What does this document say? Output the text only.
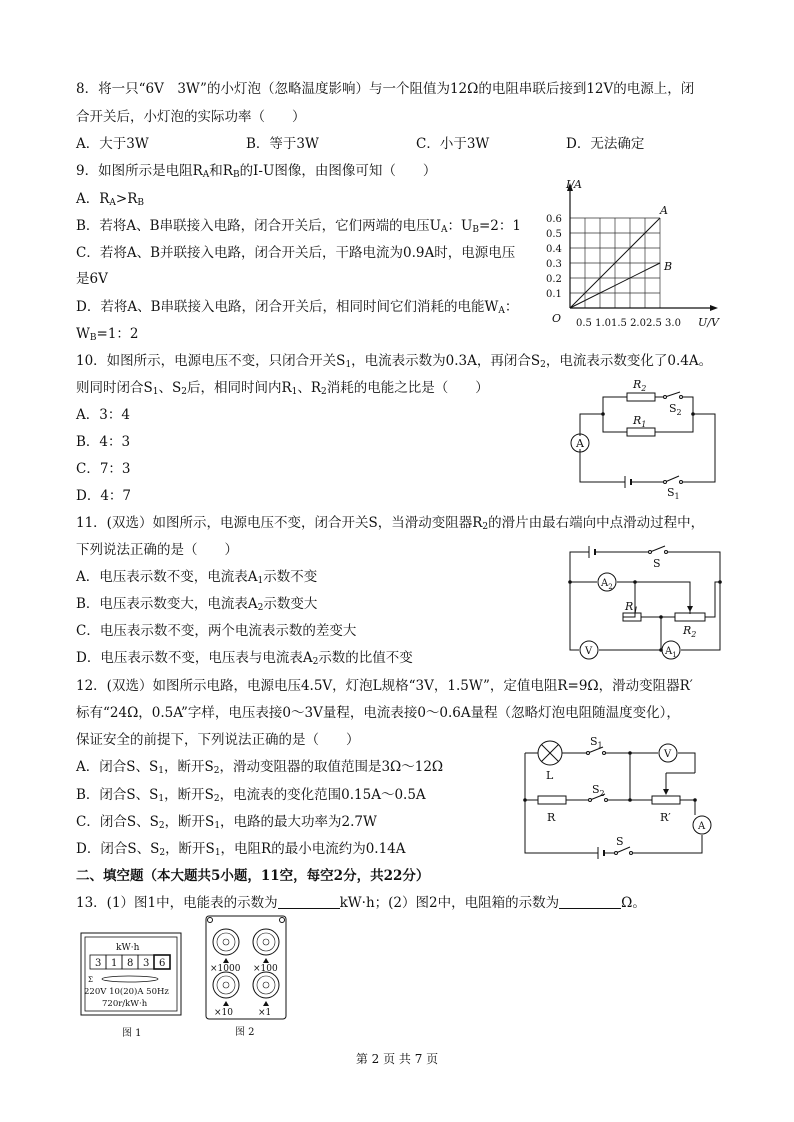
8．将一只“6V　3W”的小灯泡（忽略温度影响）与一个阻值为12Ω的电阻串联后接到12V的电源上，闭
合开关后，小灯泡的实际功率（　　）
A．大于3W	B．等于3W	C．小于3W	D．无法确定
9．如图所示是电阻$R_A$和$R_B$的I-U图像，由图像可知（　　）
A．$R_A>R_B$
B．若将A、B串联接入电路，闭合开关后，它们两端的电压$U_A$：$U_B=2$：1
C．若将A、B并联接入电路，闭合开关后，干路电流为0.9A时，电源电压
是6V
D．若将A、B串联接入电路，闭合开关后，相同时间它们消耗的电能$W_A$：
$W_B=1$：2
A
B
I/A
U/V
O
0.1
0.2
0.3
0.4
0.5
0.6
0.5 1.01.5 2.02.5 3.0
10．如图所示，电源电压不变，只闭合开关$S_1$，电流表示数为0.3A，再闭合$S_2$，电流表示数变化了0.4A。
则同时闭合$S_1$、$S_2$后，相同时间内$R_1$、$R_2$消耗的电能之比是（　　）
A．3：4
B．4：3
C．7：3
D．4：7
A
$R_2$
$R_1$
$S_2$
$S_1$
11．(双选）如图所示，电源电压不变，闭合开关S，当滑动变阻器$R_2$的滑片由最右端向中点滑动过程中，
下列说法正确的是（　　）
A．电压表示数不变，电流表$A_1$示数不变
B．电压表示数变大，电流表$A_2$示数变大
C．电压表示数不变，两个电流表示数的差变大
D．电压表示数不变，电压表与电流表$A_2$示数的比值不变
S
$A_2$
$R_1$
$R_2$
V	$A_1$
12．(双选）如图所示电路，电源电压4.5V，灯泡L规格“3V，1.5W”，定值电阻R=9Ω，滑动变阻器R′
标有“24Ω，0.5A”字样，电压表接0～3V量程，电流表接0～0.6A量程（忽略灯泡电阻随温度变化），
保证安全的前提下，下列说法正确的是（　　）
A．闭合S、$S_1$，断开$S_2$，滑动变阻器的取值范围是3Ω～12Ω
B．闭合S、$S_1$，断开$S_2$，电流表的变化范围0.15A～0.5A
C．闭合S、$S_2$，断开$S_1$，电路的最大功率为2.7W
D．闭合S、$S_2$，断开$S_1$，电阻R的最小电流约为0.14A
$S_1$
L
V
$S_2$
R	R′
A
S
二、填空题（本大题共5小题，11空，每空2分，共22分）
13．(1）图1中，电能表的示数为	kW·h；(2）图2中，电阻箱的示数为	Ω。
kW·h
3 1 8 3 6
Σ
220V 10(20)A 50Hz
720r/kW·h
图 1
×1000 ×100
×10	×1
图 2
第 2 页 共 7 页
